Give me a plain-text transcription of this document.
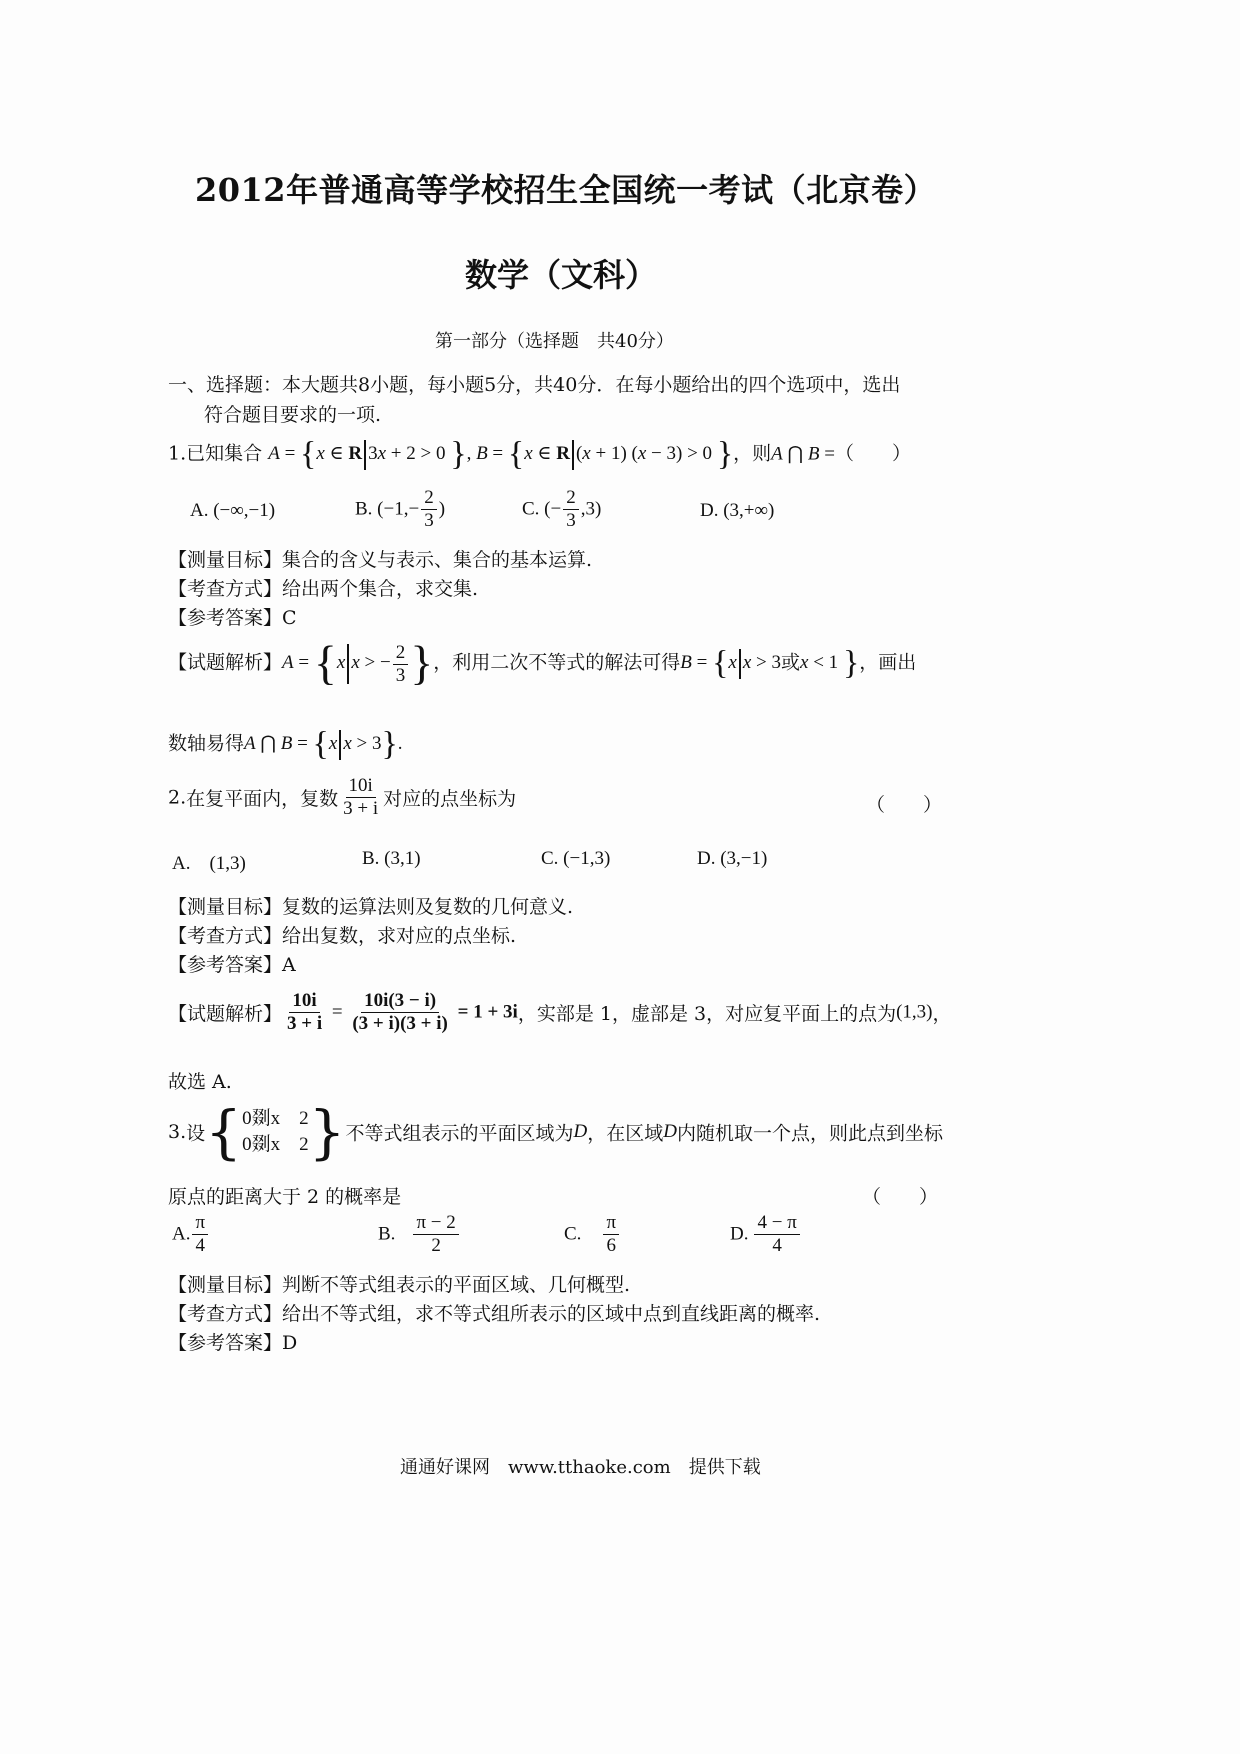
2012年普通高等学校招生全国统一考试（北京卷）
数学（文科）
第一部分（选择题　共40分）
一、选择题：本大题共8小题，每小题5分，共40分．在每小题给出的四个选项中，选出
符合题目要求的一项.
1.已知集合 A = {x ∈ R 3x + 2 > 0 }, B = {x ∈ R (x + 1) (x − 3) > 0 }，则A ⋂ B =（　　）
A. (−∞,−1)	B. ($-1,- \frac{2}{3}$ )	C. (− $\frac{2}{3} ,3$)	D. (3,+∞)
【测量目标】集合的含义与表示、集合的基本运算.
【考查方式】给出两个集合，求交集.
【参考答案】C
【试题解析】A = {x x > − $\frac{2}{3}$ }，利用二次不等式的解法可得B = {x x > 3或x < 1 }，画出
数轴易得A ⋂ B = {x x > 3}.
2.在复平面内，复数 $\frac{10i}{3 + i}$ 对应的点坐标为	（　　）
A.　(1,3)	B. (3,1)	C. (−1,3)	D. (3,−1)
【测量目标】复数的运算法则及复数的几何意义.
【考查方式】给出复数，求对应的点坐标.
【参考答案】A
【试题解析】 $\frac{10i}{3 + i} = \frac{10i(3 - i)}{(3 + i)(3 + i)} = 1 + 3i$，实部是 1，虚部是 3，对应复平面上的点为(1,3)，
故选 A.
3.设{ 0剟x　2
0剟x　2 }不等式组表示的平面区域为D，在区域D内随机取一个点，则此点到坐标
原点的距离大于 2 的概率是	（　　）
A. $\frac{\pi}{4}$	B. $\frac{\pi - 2}{2}$	C. $\frac{\pi}{6}$	D. $\frac{4 - \pi}{4}$
【测量目标】判断不等式组表示的平面区域、几何概型.
【考查方式】给出不等式组，求不等式组所表示的区域中点到直线距离的概率.
【参考答案】D
通通好课网　www.tthaoke.com　提供下载
